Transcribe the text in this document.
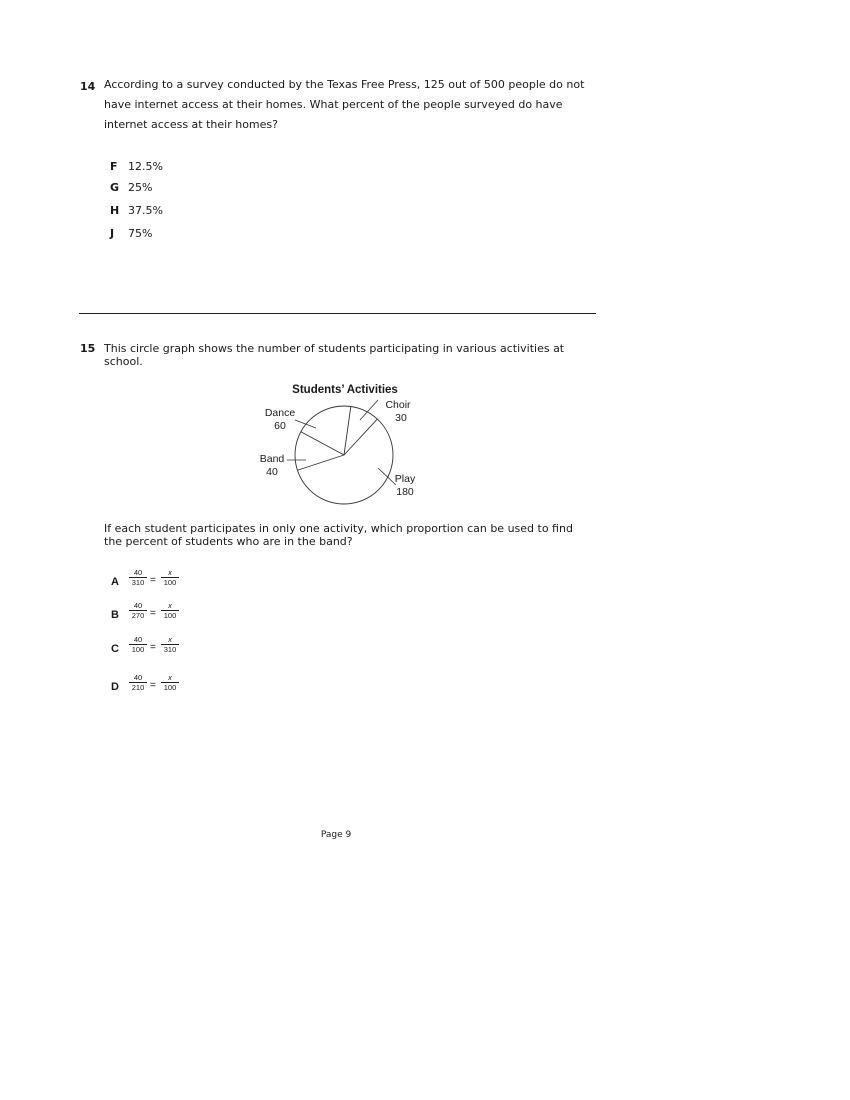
14 According to a survey conducted by the Texas Free Press, 125 out of 500 people do not
have internet access at their homes. What percent of the people surveyed do have
internet access at their homes?
F 12.5%
G 25%
H 37.5%
J 75%
15 This circle graph shows the number of students participating in various activities at
school.
Students’ Activities
Dance
60
Choir
30
Band
40
Play
180
If each student participates in only one activity, which proportion can be used to find
the percent of students who are in the band?
A $\frac{40}{310} = \frac{x}{100}$
B $\frac{40}{270} = \frac{x}{100}$
C $\frac{40}{100} = \frac{x}{310}$
D $\frac{40}{210} = \frac{x}{100}$
Page 9
